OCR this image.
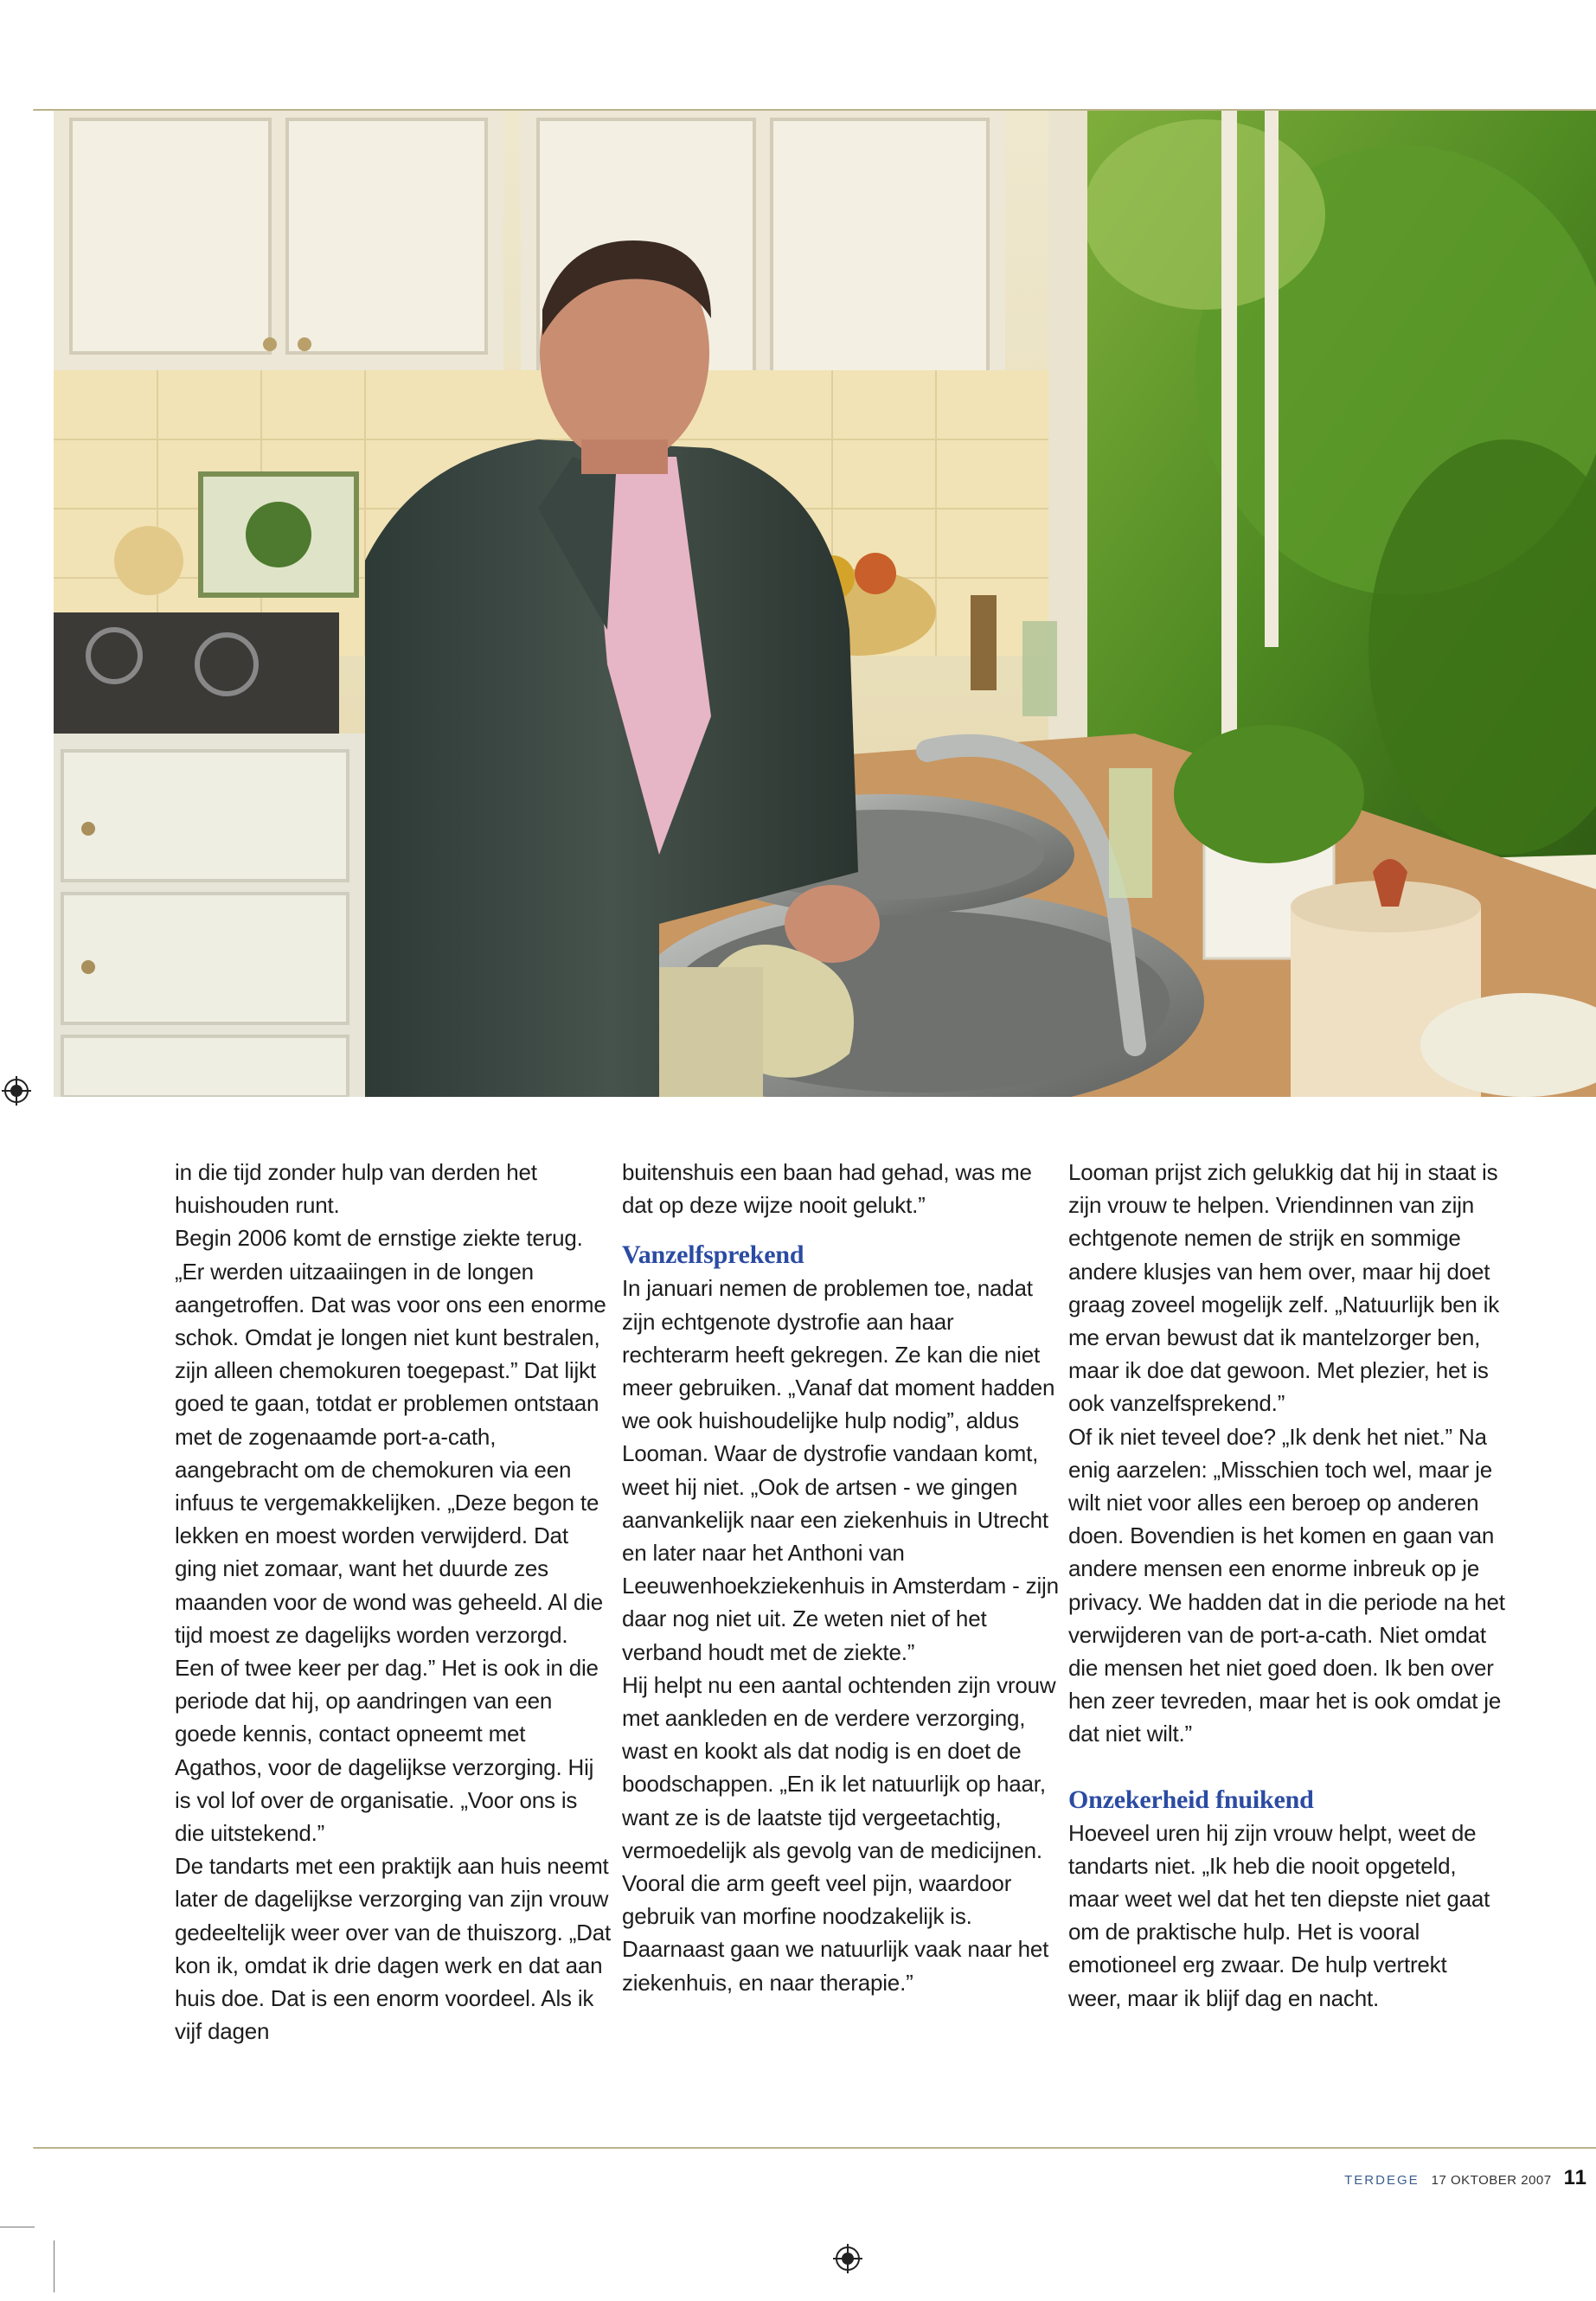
in die tijd zonder hulp van derden het huishouden runt.

Begin 2006 komt de ernstige ziekte terug. „Er werden uitzaaiingen in de longen aangetroffen. Dat was voor ons een enorme schok. Omdat je longen niet kunt bestralen, zijn alleen chemokuren toegepast.” Dat lijkt goed te gaan, totdat er problemen ontstaan met de zogenaamde port-a-cath, aangebracht om de chemokuren via een infuus te vergemakkelijken. „Deze begon te lekken en moest worden verwijderd. Dat ging niet zomaar, want het duurde zes maanden voor de wond was geheeld. Al die tijd moest ze dagelijks worden verzorgd. Een of twee keer per dag.” Het is ook in die periode dat hij, op aandringen van een goede kennis, contact opneemt met Agathos, voor de dagelijkse verzorging. Hij is vol lof over de organisatie. „Voor ons is die uitstekend.”

De tandarts met een praktijk aan huis neemt later de dagelijkse verzorging van zijn vrouw gedeeltelijk weer over van de thuiszorg. „Dat kon ik, omdat ik drie dagen werk en dat aan huis doe. Dat is een enorm voordeel. Als ik vijf dagen

buitenshuis een baan had gehad, was me dat op deze wijze nooit gelukt.”

Vanzelfsprekend

In januari nemen de problemen toe, nadat zijn echtgenote dystrofie aan haar rechterarm heeft gekregen. Ze kan die niet meer gebruiken. „Vanaf dat moment hadden we ook huishoudelijke hulp nodig”, aldus Looman. Waar de dystrofie vandaan komt, weet hij niet. „Ook de artsen - we gingen aanvankelijk naar een ziekenhuis in Utrecht en later naar het Anthoni van Leeuwenhoekziekenhuis in Amsterdam - zijn daar nog niet uit. Ze weten niet of het verband houdt met de ziekte.”

Hij helpt nu een aantal ochtenden zijn vrouw met aankleden en de verdere verzorging, wast en kookt als dat nodig is en doet de boodschappen. „En ik let natuurlijk op haar, want ze is de laatste tijd vergeetachtig, vermoedelijk als gevolg van de medicijnen. Vooral die arm geeft veel pijn, waardoor gebruik van morfine noodzakelijk is. Daarnaast gaan we natuurlijk vaak naar het ziekenhuis, en naar therapie.”

Looman prijst zich gelukkig dat hij in staat is zijn vrouw te helpen. Vriendinnen van zijn echtgenote nemen de strijk en sommige andere klusjes van hem over, maar hij doet graag zoveel mogelijk zelf. „Natuurlijk ben ik me ervan bewust dat ik mantelzorger ben, maar ik doe dat gewoon. Met plezier, het is ook vanzelfsprekend.”

Of ik niet teveel doe? „Ik denk het niet.” Na enig aarzelen: „Misschien toch wel, maar je wilt niet voor alles een beroep op anderen doen. Bovendien is het komen en gaan van andere mensen een enorme inbreuk op je privacy. We hadden dat in die periode na het verwijderen van de port-a-cath. Niet omdat die mensen het niet goed doen. Ik ben over hen zeer tevreden, maar het is ook omdat je dat niet wilt.”

Onzekerheid fnuikend

Hoeveel uren hij zijn vrouw helpt, weet de tandarts niet. „Ik heb die nooit opgeteld, maar weet wel dat het ten diepste niet gaat om de praktische hulp. Het is vooral emotioneel erg zwaar. De hulp vertrekt weer, maar ik blijf dag en nacht.

TERDEGE 17 OKTOBER 2007 11
